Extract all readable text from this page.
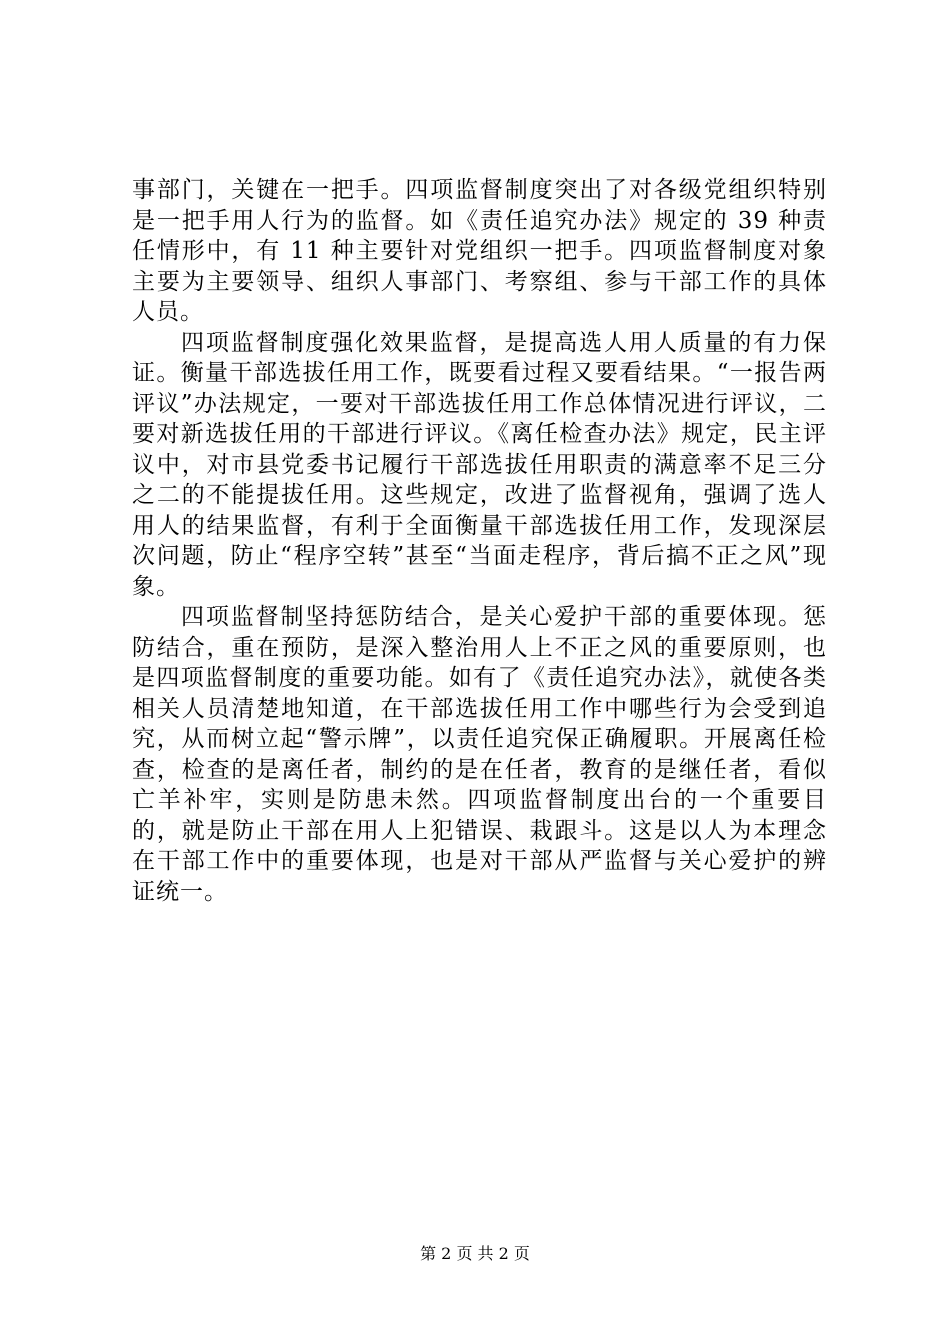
事部门，关键在一把手。四项监督制度突出了对各级党组织特别是一把手用人行为的监督。如《责任追究办法》规定的 39 种责任情形中，有 11 种主要针对党组织一把手。四项监督制度对象主要为主要领导、组织人事部门、考察组、参与干部工作的具体人员。

四项监督制度强化效果监督，是提高选人用人质量的有力保证。衡量干部选拔任用工作，既要看过程又要看结果。“一报告两评议”办法规定，一要对干部选拔任用工作总体情况进行评议，二要对新选拔任用的干部进行评议。《离任检查办法》规定，民主评议中，对市县党委书记履行干部选拔任用职责的满意率不足三分之二的不能提拔任用。这些规定，改进了监督视角，强调了选人用人的结果监督，有利于全面衡量干部选拔任用工作，发现深层次问题，防止“程序空转”甚至“当面走程序，背后搞不正之风”现象。

四项监督制坚持惩防结合，是关心爱护干部的重要体现。惩防结合，重在预防，是深入整治用人上不正之风的重要原则，也是四项监督制度的重要功能。如有了《责任追究办法》，就使各类相关人员清楚地知道，在干部选拔任用工作中哪些行为会受到追究，从而树立起“警示牌”，以责任追究保正确履职。开展离任检查，检查的是离任者，制约的是在任者，教育的是继任者，看似亡羊补牢，实则是防患未然。四项监督制度出台的一个重要目的，就是防止干部在用人上犯错误、栽跟斗。这是以人为本理念在干部工作中的重要体现，也是对干部从严监督与关心爱护的辨证统一。

第 2 页 共 2 页
